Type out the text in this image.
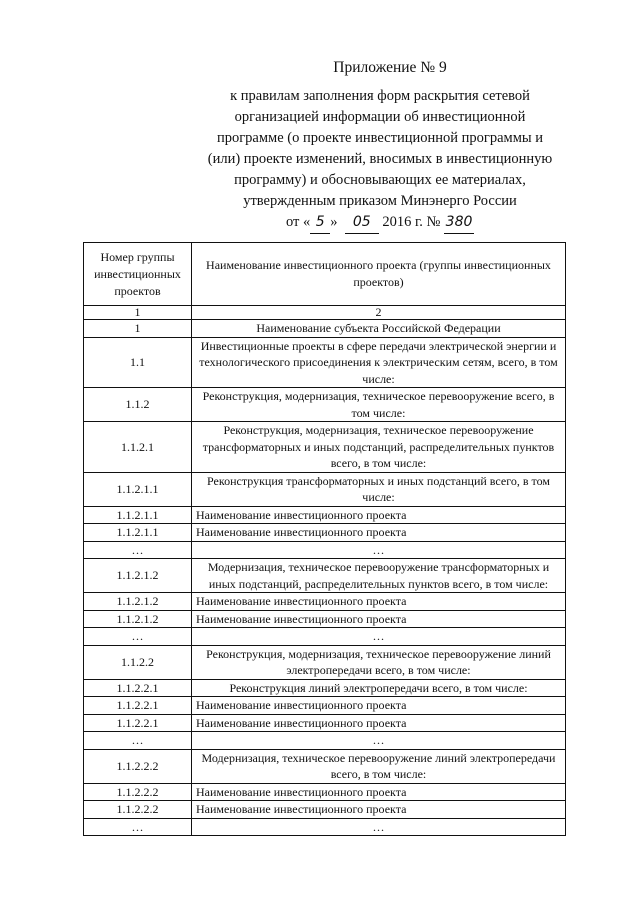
Приложение № 9
к правилам заполнения форм раскрытия сетевой
организацией информации об инвестиционной
программе (о проекте инвестиционной программы и
(или) проекте изменений, вносимых в инвестиционную
программу) и обосновывающих ее материалах,
утвержденным приказом Минэнерго России
от « 5 » 05 2016 г. № 380
Номер группы инвестиционных проектов	Наименование инвестиционного проекта (группы инвестиционных проектов)
1	2
1	Наименование субъекта Российской Федерации
1.1	Инвестиционные проекты в сфере передачи электрической энергии и технологического присоединения к электрическим сетям, всего, в том числе:
1.1.2	Реконструкция, модернизация, техническое перевооружение всего, в том числе:
1.1.2.1	Реконструкция, модернизация, техническое перевооружение трансформаторных и иных подстанций, распределительных пунктов всего, в том числе:
1.1.2.1.1	Реконструкция трансформаторных и иных подстанций всего, в том числе:
1.1.2.1.1	Наименование инвестиционного проекта
1.1.2.1.1	Наименование инвестиционного проекта
…	…
1.1.2.1.2	Модернизация, техническое перевооружение трансформаторных и иных подстанций, распределительных пунктов всего, в том числе:
1.1.2.1.2	Наименование инвестиционного проекта
1.1.2.1.2	Наименование инвестиционного проекта
…	…
1.1.2.2	Реконструкция, модернизация, техническое перевооружение линий электропередачи всего, в том числе:
1.1.2.2.1	Реконструкция линий электропередачи всего, в том числе:
1.1.2.2.1	Наименование инвестиционного проекта
1.1.2.2.1	Наименование инвестиционного проекта
…	…
1.1.2.2.2	Модернизация, техническое перевооружение линий электропередачи всего, в том числе:
1.1.2.2.2	Наименование инвестиционного проекта
1.1.2.2.2	Наименование инвестиционного проекта
…	…
